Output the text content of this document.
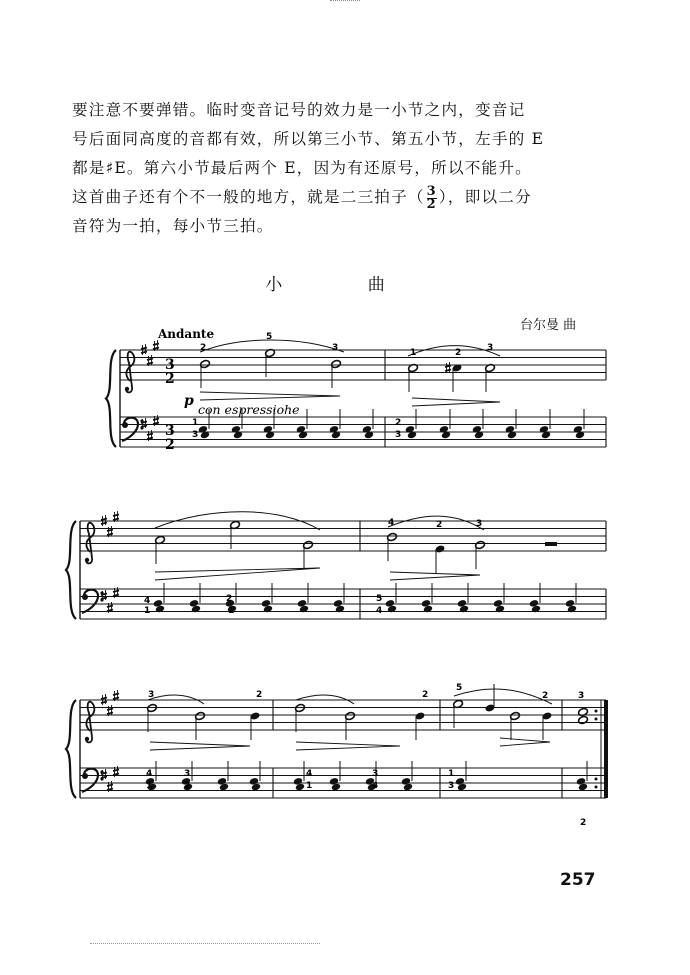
要注意不要弹错。临时变音记号的效力是一小节之内，变音记
号后面同高度的音都有效，所以第三小节、第五小节，左手的 E
都是♯E。第六小节最后两个 E，因为有还原号，所以不能升。
这首曲子还有个不一般的地方，就是二三拍子（ $\frac{3}{2}$ ），即以二分
音符为一拍，每小节三拍。
小 曲
台尔曼 曲
Andante
p
con espressiohe
3
2
3
2
2
5
3	1	2	3
1
3
2
3
4	2	3
2
4
1
5
1	4
3	2	2
5
2	3
2
4
1
3
2
4
1
3
4
1
3
257
